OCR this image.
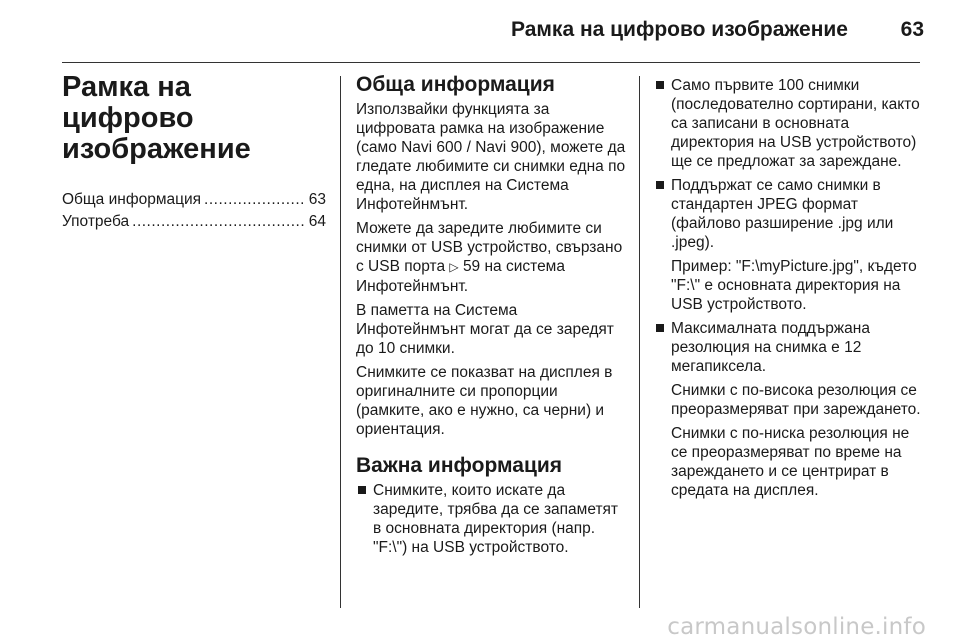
Рамка на цифрово изображение	63
Рамка на цифрово
изображение
Обща информация .....	63
Употреба .....	64
Обща информация

Използвайки функцията за цифровата рамка на изображение (само Navi 600 / Navi 900), можете да гледате любимите си снимки една по една, на дисплея на Система Инфотейнмънт.

Можете да заредите любимите си снимки от USB устройство, свързано с USB порта ▷ 59 на система Инфотейнмънт.

В паметта на Система Инфотейнмънт могат да се заредят до 10 снимки.

Снимките се показват на дисплея в оригиналните си пропорции (рамките, ако е нужно, са черни) и ориентация.

Важна информация

Снимките, които искате да заредите, трябва да се запаметят в основната директория (напр. "F:\") на USB устройството.

Само първите 100 снимки (последователно сортирани, както са записани в основната директория на USB устройството) ще се предложат за зареждане.

Поддържат се само снимки в стандартен JPEG формат (файлово разширение .jpg или .jpeg).

Пример: "F:\myPicture.jpg", където "F:\" е основната директория на USB устройството.

Максималната поддържана резолюция на снимка е 12 мегапиксела.

Снимки с по-висока резолюция се преоразмеряват при зареждането.

Снимки с по-ниска резолюция не се преоразмеряват по време на зареждането и се центрират в средата на дисплея.

carmanualsonline.info
